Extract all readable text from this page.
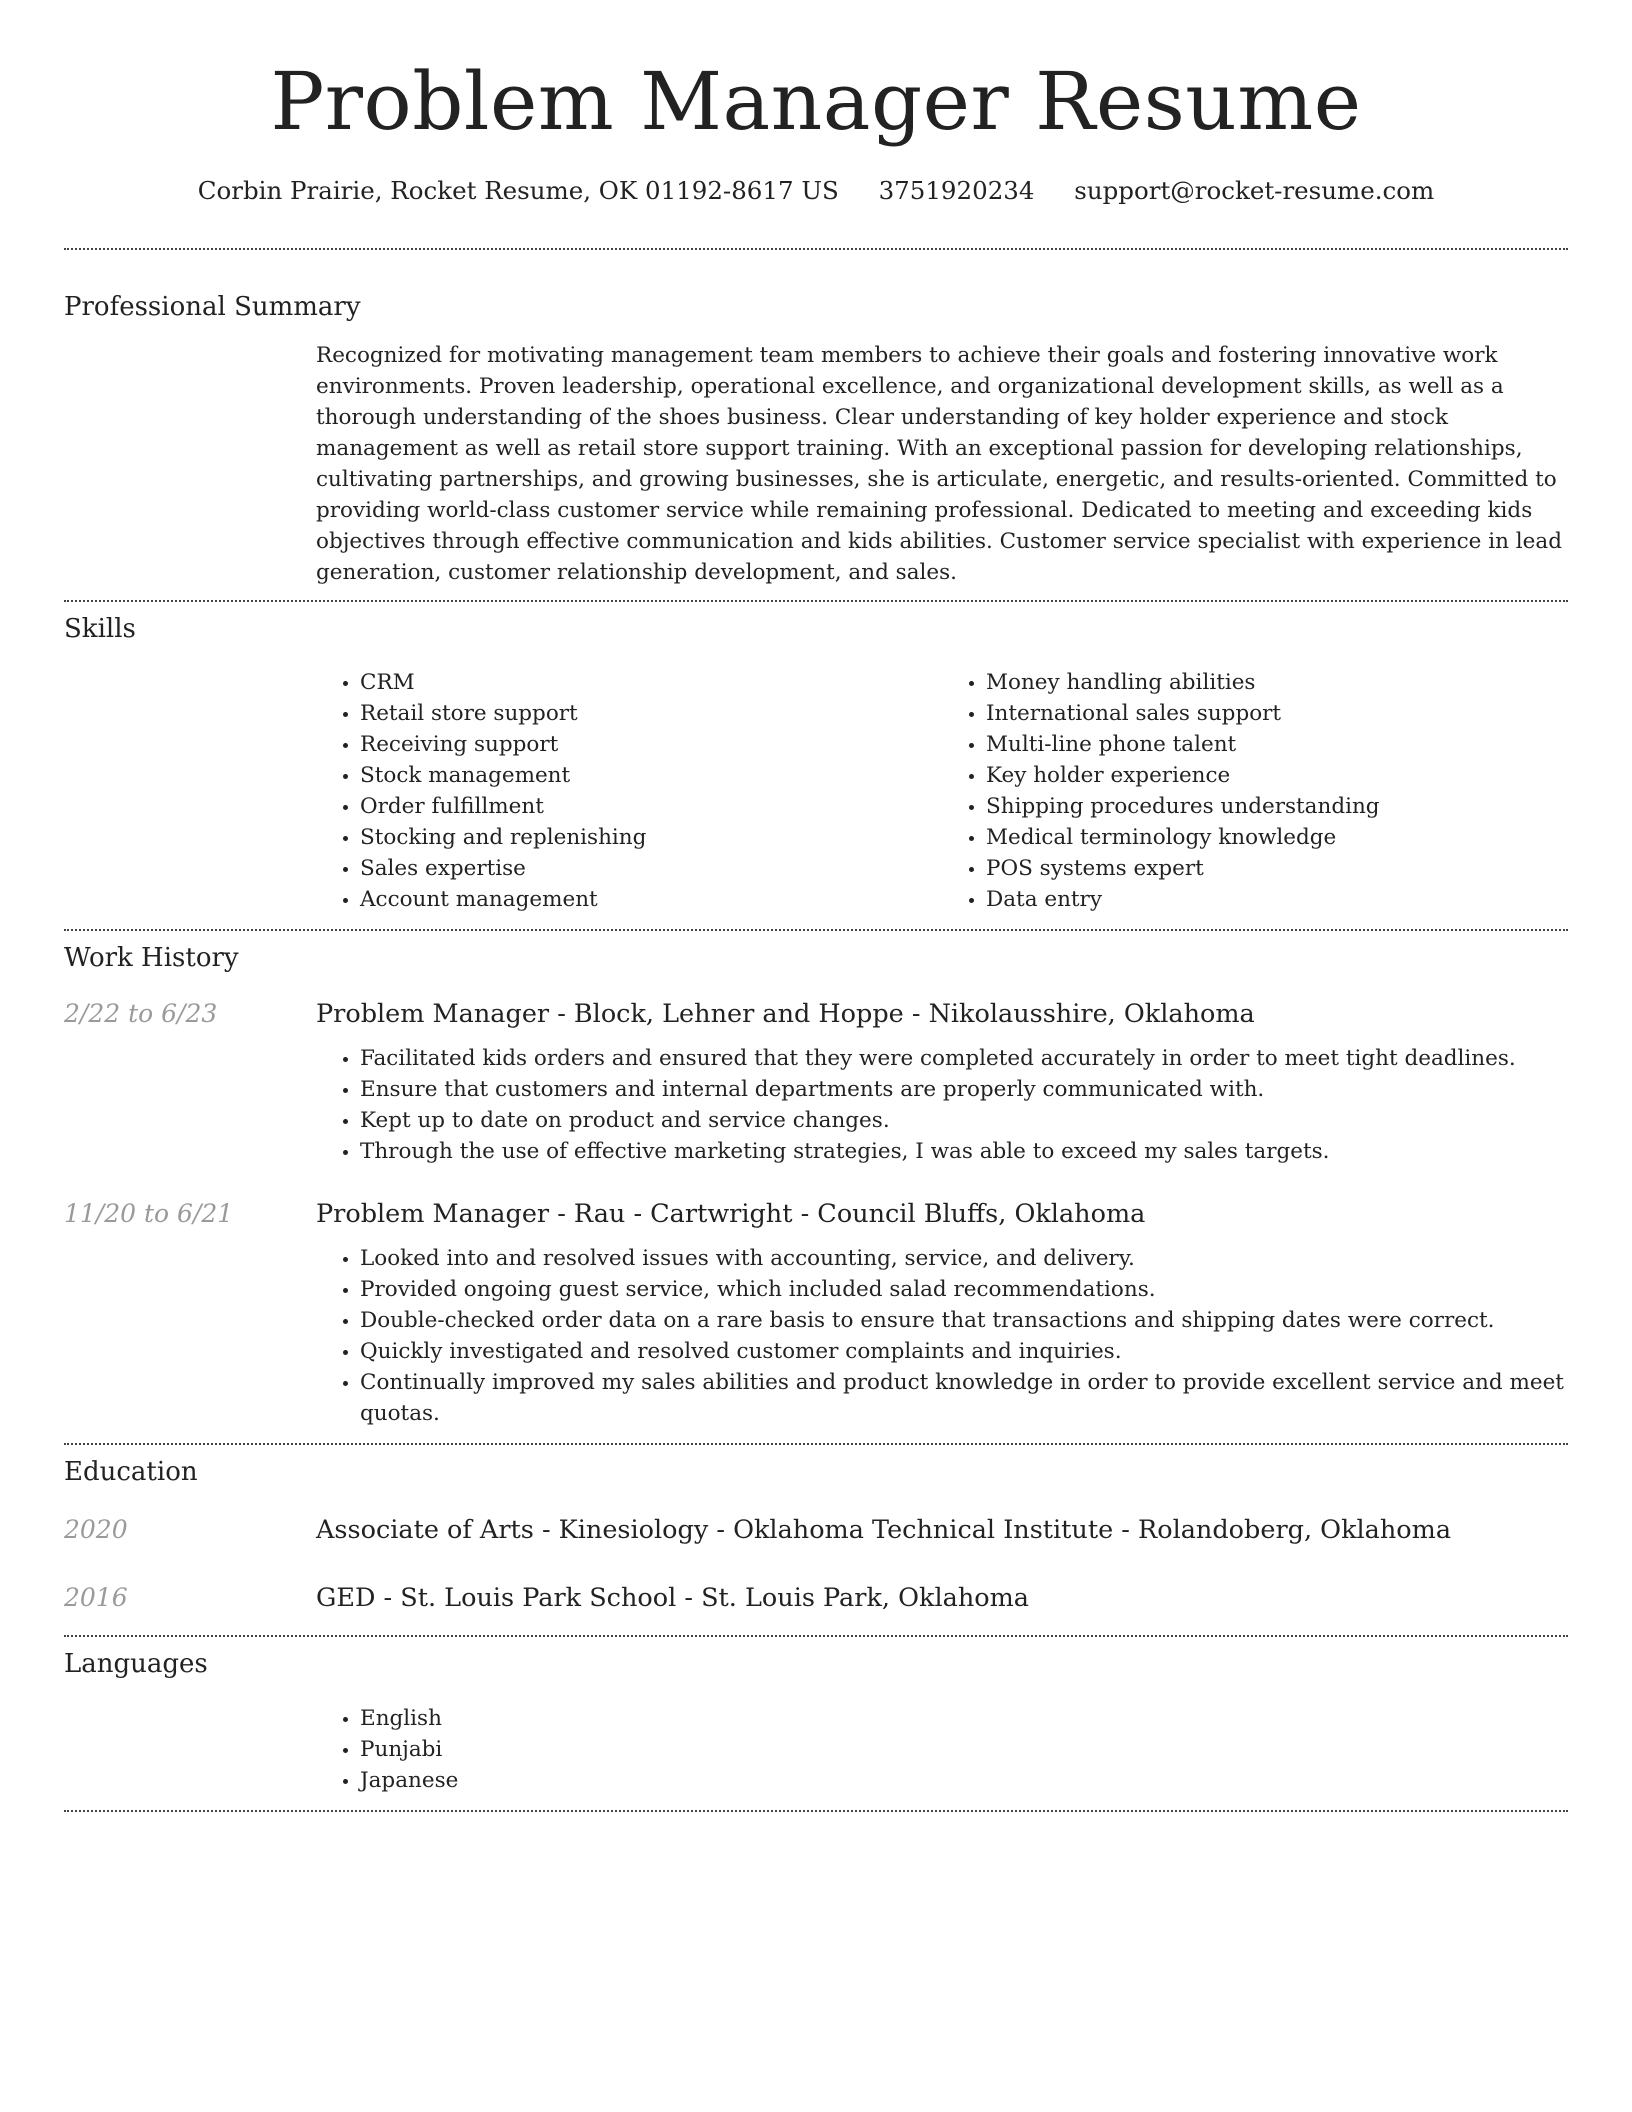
Problem Manager Resume
Corbin Prairie, Rocket Resume, OK 01192-8617 US 3751920234 support@rocket-resume.com
Professional Summary
Recognized for motivating management team members to achieve their goals and fostering innovative work environments. Proven leadership, operational excellence, and organizational development skills, as well as a thorough understanding of the shoes business. Clear understanding of key holder experience and stock management as well as retail store support training. With an exceptional passion for developing relationships, cultivating partnerships, and growing businesses, she is articulate, energetic, and results-oriented. Committed to providing world-class customer service while remaining professional. Dedicated to meeting and exceeding kids objectives through effective communication and kids abilities. Customer service specialist with experience in lead generation, customer relationship development, and sales.
Skills
• CRM
• Retail store support
• Receiving support
• Stock management
• Order fulfillment
• Stocking and replenishing
• Sales expertise
• Account management
• Money handling abilities
• International sales support
• Multi-line phone talent
• Key holder experience
• Shipping procedures understanding
• Medical terminology knowledge
• POS systems expert
• Data entry
Work History
2/22 to 6/23	Problem Manager - Block, Lehner and Hoppe - Nikolausshire, Oklahoma
• Facilitated kids orders and ensured that they were completed accurately in order to meet tight deadlines.
• Ensure that customers and internal departments are properly communicated with.
• Kept up to date on product and service changes.
• Through the use of effective marketing strategies, I was able to exceed my sales targets.
11/20 to 6/21	Problem Manager - Rau - Cartwright - Council Bluffs, Oklahoma
• Looked into and resolved issues with accounting, service, and delivery.
• Provided ongoing guest service, which included salad recommendations.
• Double-checked order data on a rare basis to ensure that transactions and shipping dates were correct.
• Quickly investigated and resolved customer complaints and inquiries.
• Continually improved my sales abilities and product knowledge in order to provide excellent service and meet quotas.
Education
2020	Associate of Arts - Kinesiology - Oklahoma Technical Institute - Rolandoberg, Oklahoma
2016	GED - St. Louis Park School - St. Louis Park, Oklahoma
Languages
• English
• Punjabi
• Japanese
